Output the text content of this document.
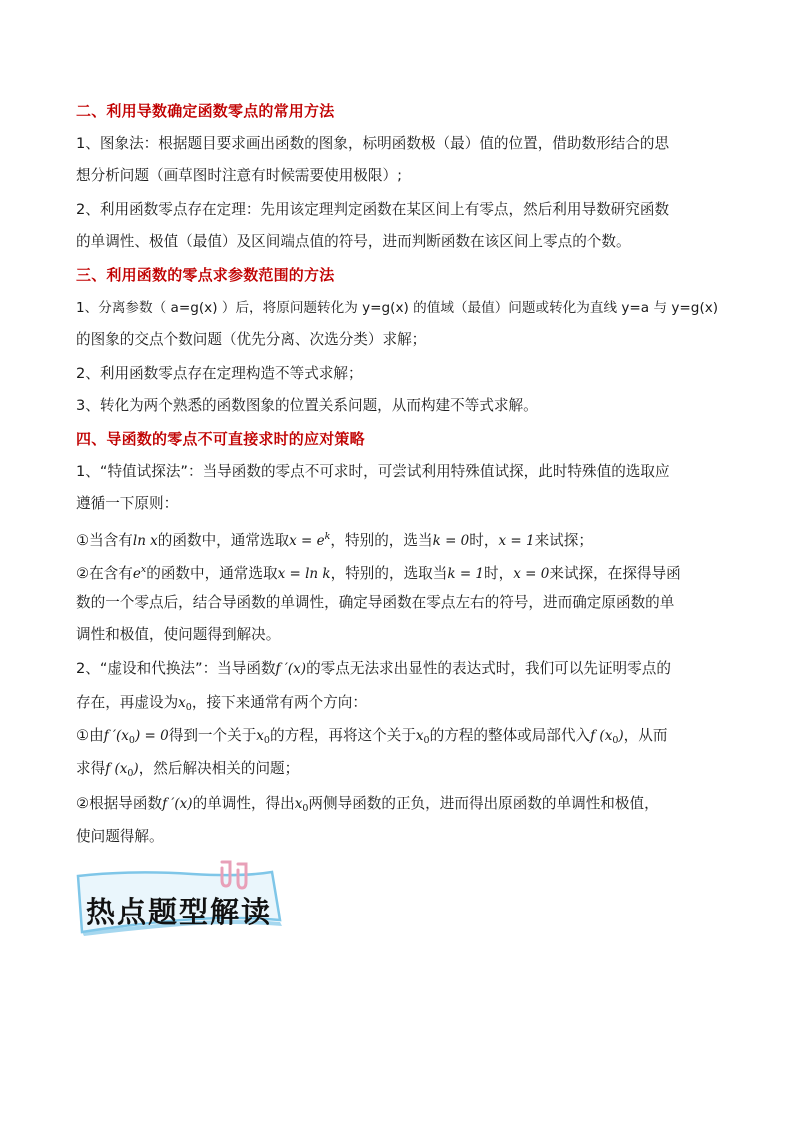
二、利用导数确定函数零点的常用方法
1、图象法：根据题目要求画出函数的图象，标明函数极（最）值的位置，借助数形结合的思
想分析问题（画草图时注意有时候需要使用极限）;
2、利用函数零点存在定理：先用该定理判定函数在某区间上有零点，然后利用导数研究函数
的单调性、极值（最值）及区间端点值的符号，进而判断函数在该区间上零点的个数。
三、利用函数的零点求参数范围的方法
1、分离参数（ a=g(x) ）后，将原问题转化为 y=g(x) 的值域（最值）问题或转化为直线 y=a 与 y=g(x)
的图象的交点个数问题（优先分离、次选分类）求解；
2、利用函数零点存在定理构造不等式求解；
3、转化为两个熟悉的函数图象的位置关系问题，从而构建不等式求解。
四、导函数的零点不可直接求时的应对策略
1、“特值试探法”：当导函数的零点不可求时，可尝试利用特殊值试探，此时特殊值的选取应
遵循一下原则：
①当含有ln x的函数中，通常选取$x = e^k$，特别的，选当k = 0时，x = 1来试探；
②在含有$e^x$的函数中，通常选取x = ln k，特别的，选取当k = 1时，x = 0来试探，在探得导函
数的一个零点后，结合导函数的单调性，确定导函数在零点左右的符号，进而确定原函数的单
调性和极值，使问题得到解决。
2、“虚设和代换法”：当导函数f ′(x)的零点无法求出显性的表达式时，我们可以先证明零点的
存在，再虚设为$x_0$，接下来通常有两个方向：
①由f $'(x_0) = 0$得到一个关于$x_0$的方程，再将这个关于$x_0$的方程的整体或局部代入f $(x_0)$，从而
求得f $(x_0)$，然后解决相关的问题；
②根据导函数f ′(x)的单调性，得出$x_0$两侧导函数的正负，进而得出原函数的单调性和极值，
使问题得解。
热点题型解读
